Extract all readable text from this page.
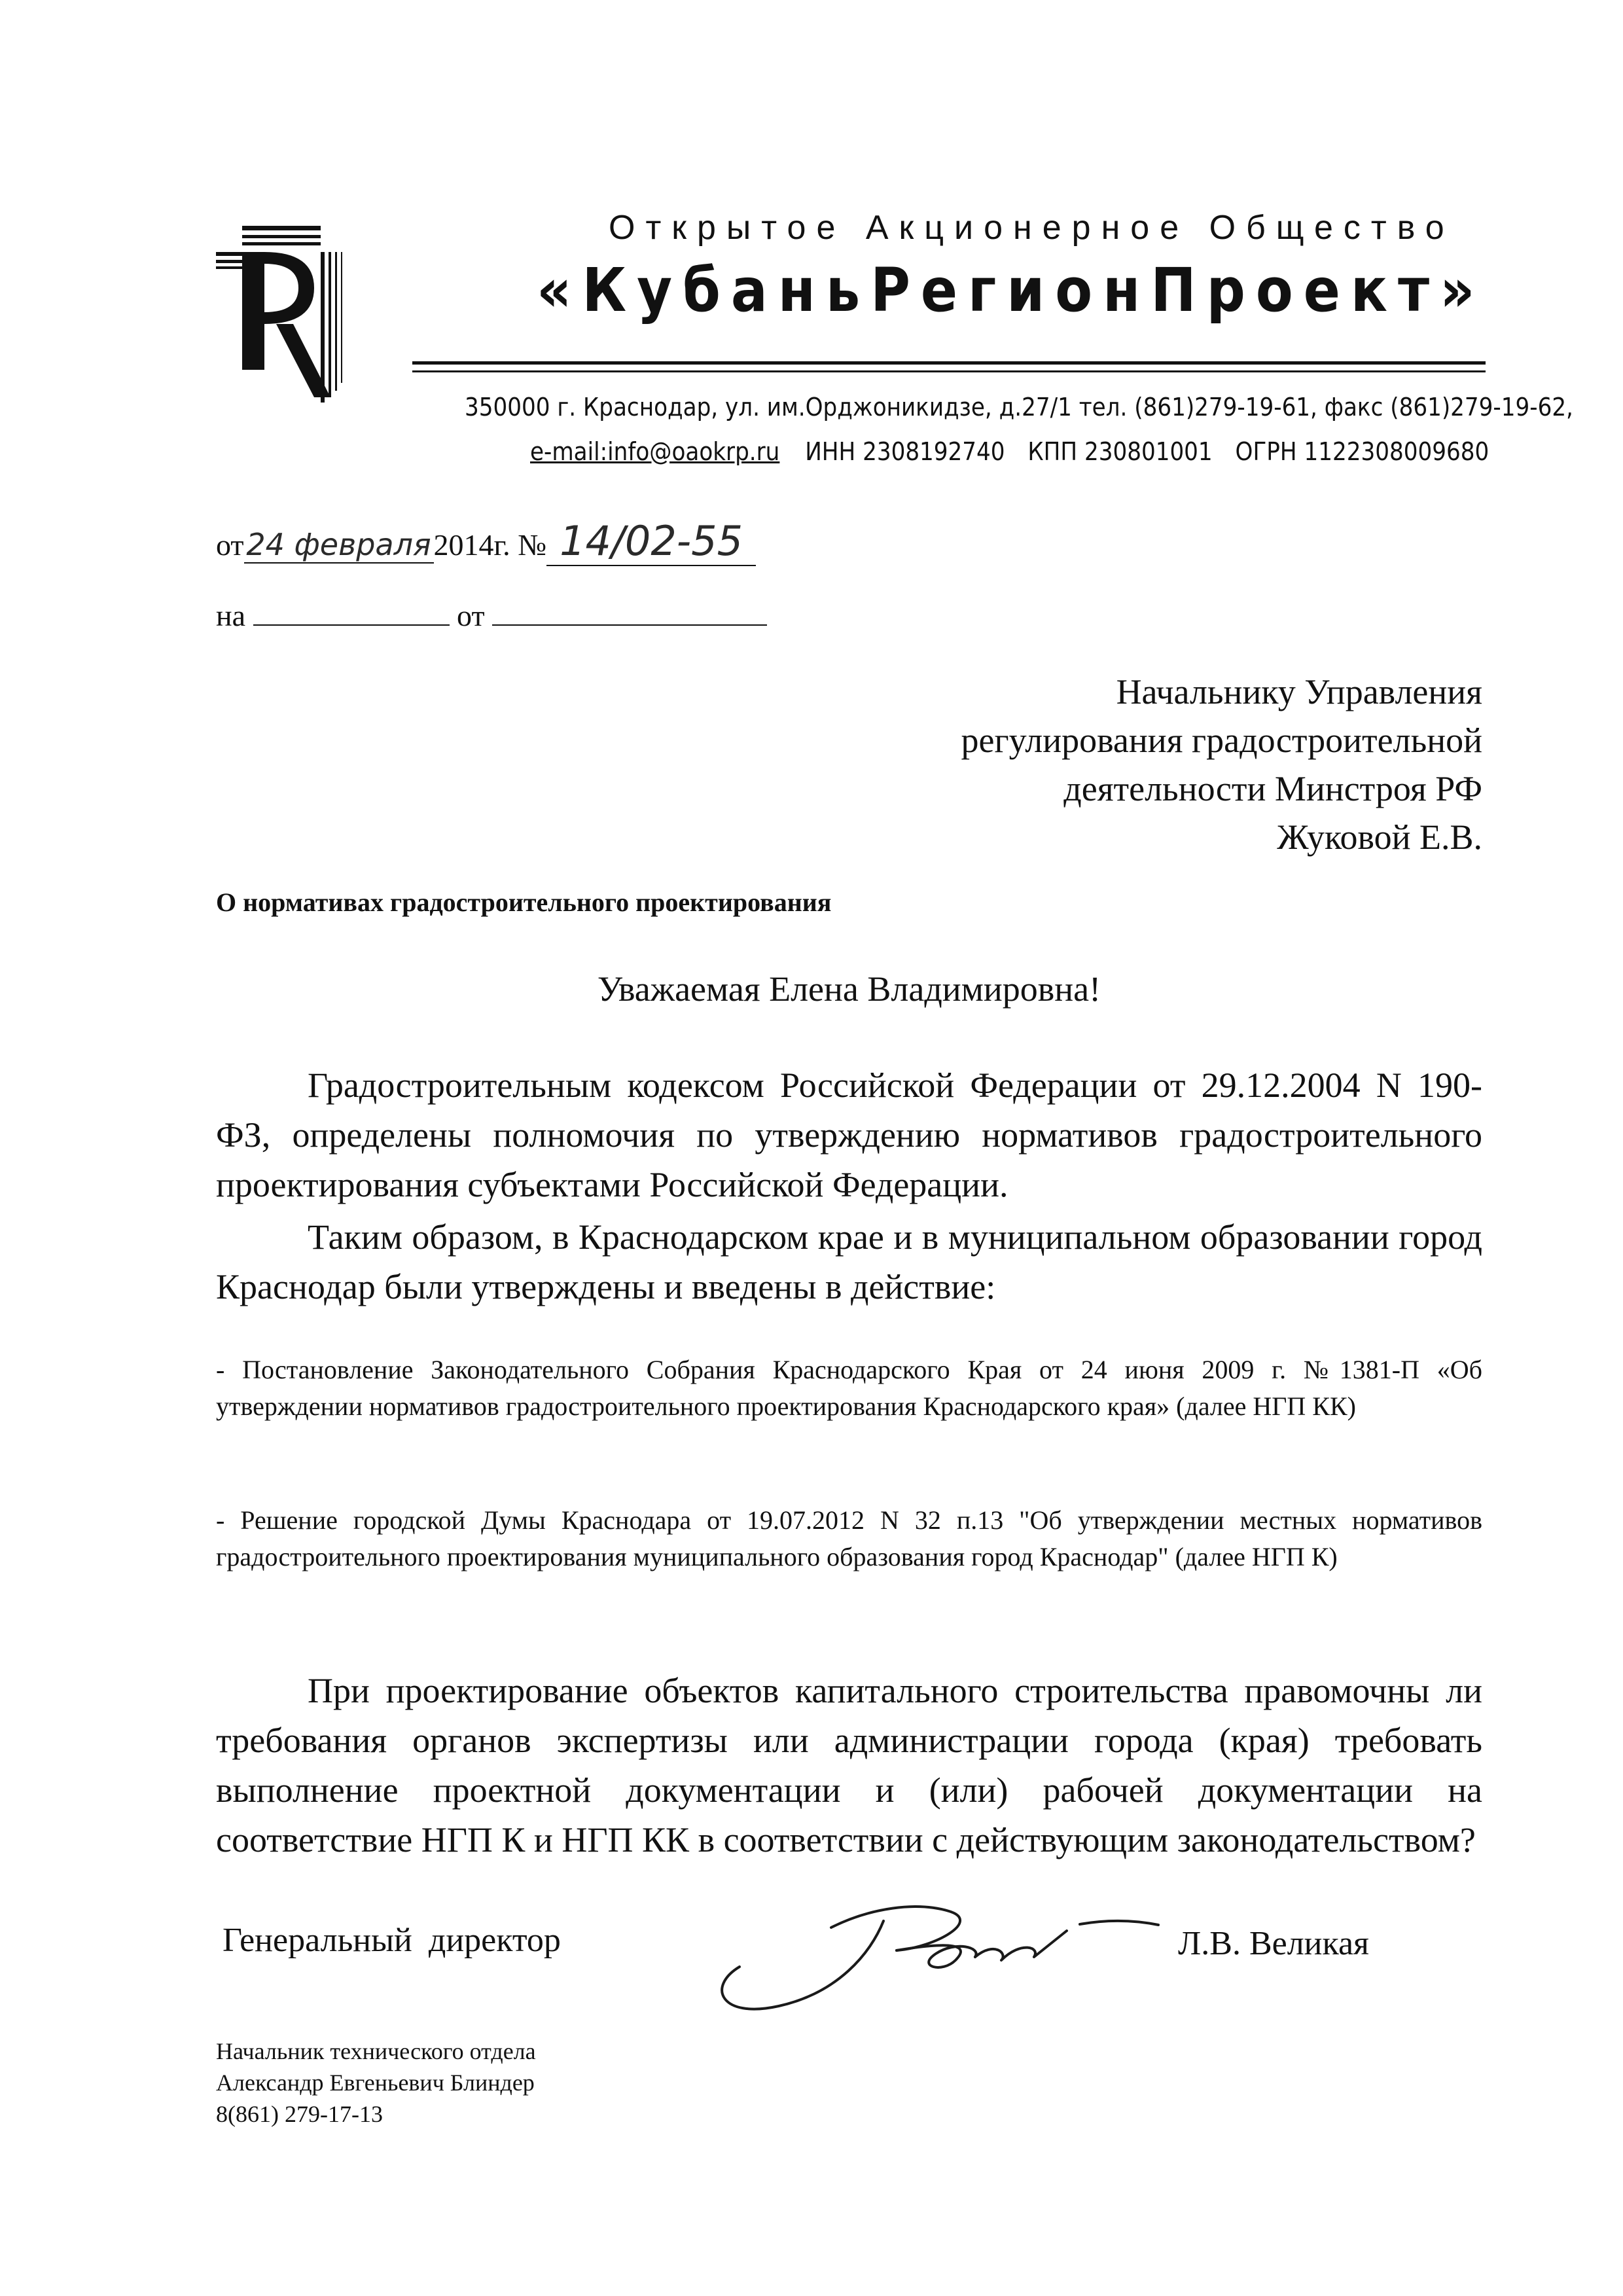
Открытое Акционерное Общество
«КубаньРегионПроект»
350000 г. Краснодар, ул. им.Орджоникидзе, д.27/1 тел. (861)279-19-61, факс (861)279-19-62,
e-mail:info@oaokrp.ru ИНН 2308192740 КПП 230801001 ОГРН 1122308009680
от24 февраля2014г. № 14/02-55
на	от
Начальнику Управления
регулирования градостроительной
деятельности Минстроя РФ
Жуковой Е.В.
О нормативах градостроительного проектирования
Уважаемая Елена Владимировна!
Градостроительным кодексом Российской Федерации от 29.12.2004 N 190-ФЗ, определены полномочия по утверждению нормативов градостроительного проектирования субъектами Российской Федерации.
Таким образом, в Краснодарском крае и в муниципальном образовании город Краснодар были утверждены и введены в действие:
- Постановление Законодательного Собрания Краснодарского Края от 24 июня 2009 г. №1381-П «Об утверждении нормативов градостроительного проектирования Краснодарского края» (далее НГП КК)
- Решение городской Думы Краснодара от 19.07.2012 N 32 п.13 "Об утверждении местных нормативов градостроительного проектирования муниципального образования город Краснодар" (далее НГП К)
При проектирование объектов капитального строительства правомочны ли требования органов экспертизы или администрации города (края) требовать выполнение проектной документации и (или) рабочей документации на соответствие НГП К и НГП КК в соответствии с действующим законодательством?
Генеральный директор	Л.В. Великая
Начальник технического отдела
Александр Евгеньевич Блиндер
8(861) 279-17-13
